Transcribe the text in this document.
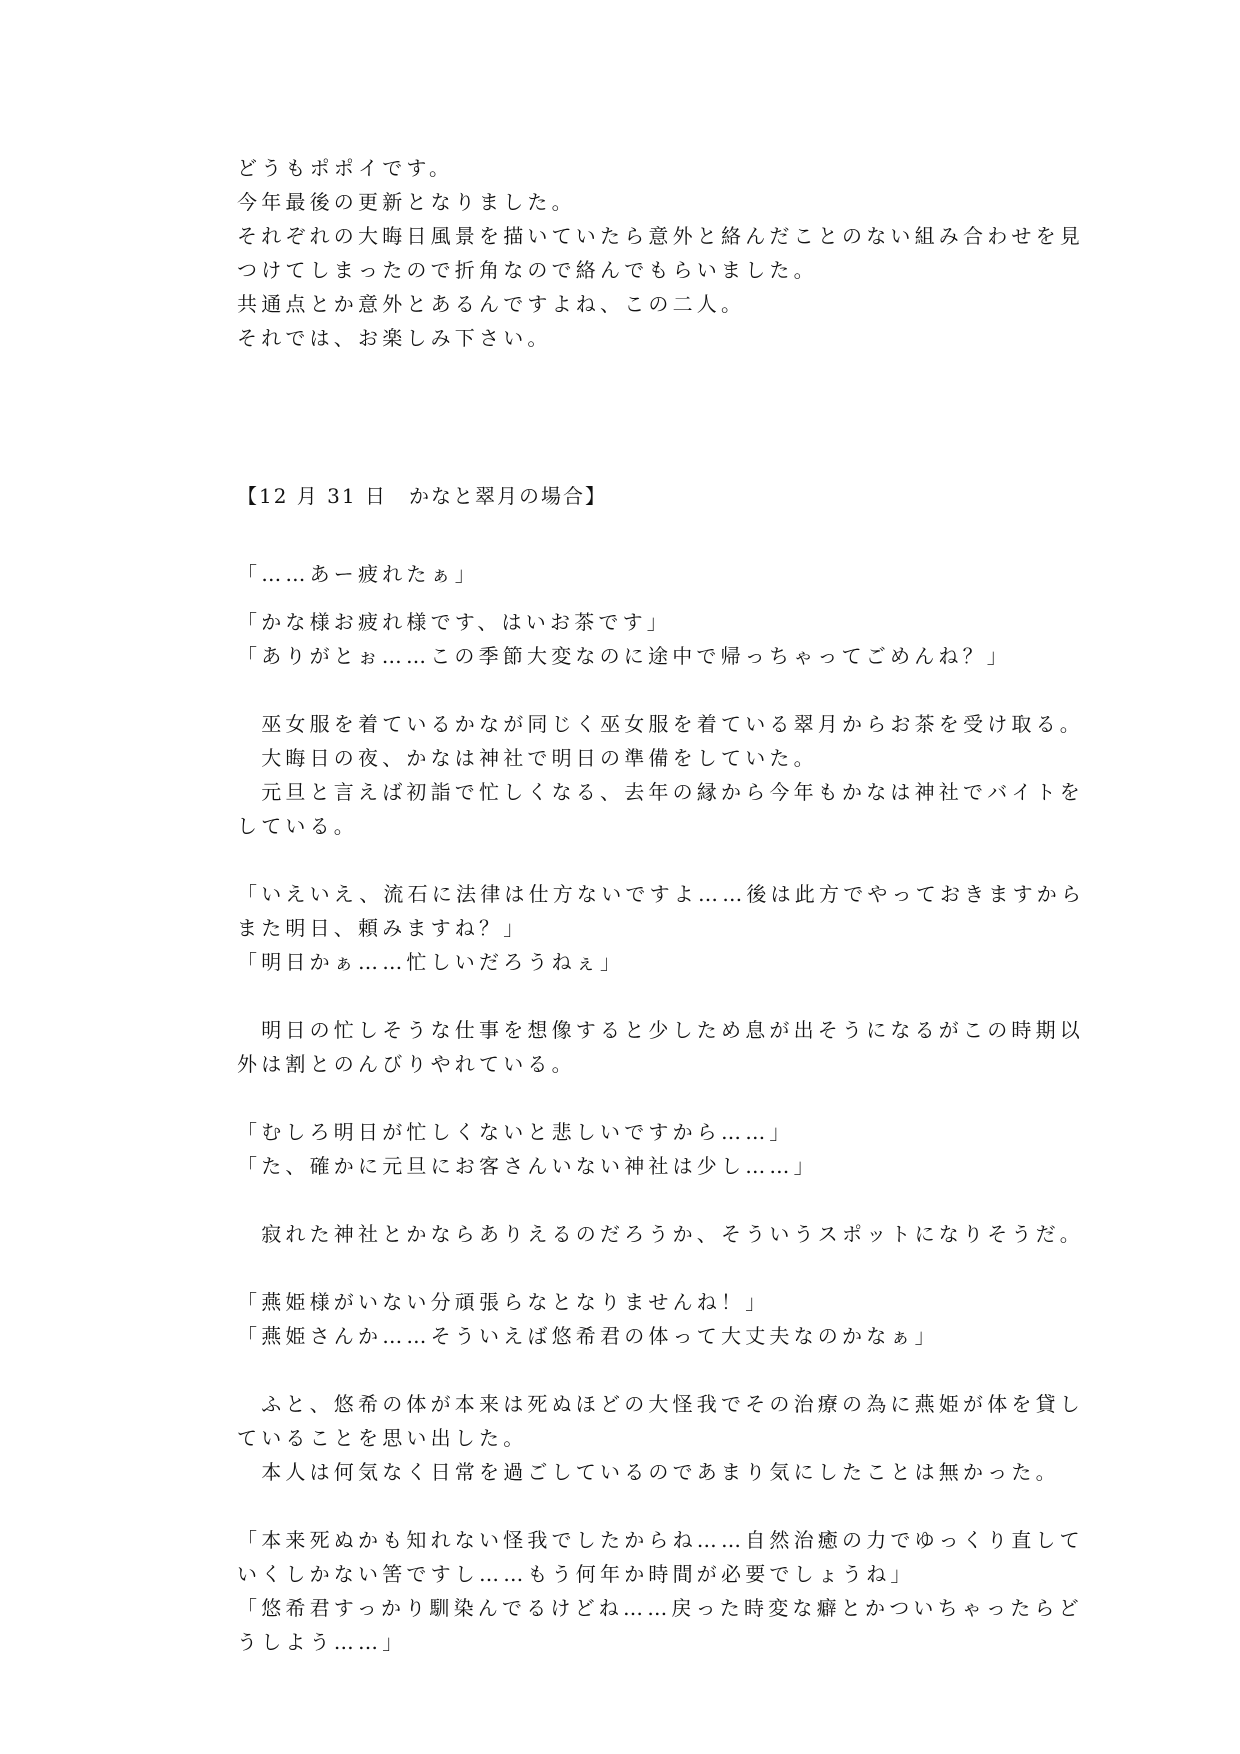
どうもポポイです。
今年最後の更新となりました。
それぞれの大晦日風景を描いていたら意外と絡んだことのない組み合わせを見
つけてしまったので折角なので絡んでもらいました。
共通点とか意外とあるんですよね、この二人。
それでは、お楽しみ下さい。
【12 月 31 日　かなと翠月の場合】
「……あー疲れたぁ」
「かな様お疲れ様です、はいお茶です」
「ありがとぉ……この季節大変なのに途中で帰っちゃってごめんね？」
　巫女服を着ているかなが同じく巫女服を着ている翠月からお茶を受け取る。
　大晦日の夜、かなは神社で明日の準備をしていた。
　元旦と言えば初詣で忙しくなる、去年の縁から今年もかなは神社でバイトを
している。
「いえいえ、流石に法律は仕方ないですよ……後は此方でやっておきますから
また明日、頼みますね？」
「明日かぁ……忙しいだろうねぇ」
　明日の忙しそうな仕事を想像すると少しため息が出そうになるがこの時期以
外は割とのんびりやれている。
「むしろ明日が忙しくないと悲しいですから……」
「た、確かに元旦にお客さんいない神社は少し……」
　寂れた神社とかならありえるのだろうか、そういうスポットになりそうだ。
「燕姫様がいない分頑張らなとなりませんね！」
「燕姫さんか……そういえば悠希君の体って大丈夫なのかなぁ」
　ふと、悠希の体が本来は死ぬほどの大怪我でその治療の為に燕姫が体を貸し
ていることを思い出した。
　本人は何気なく日常を過ごしているのであまり気にしたことは無かった。
「本来死ぬかも知れない怪我でしたからね……自然治癒の力でゆっくり直して
いくしかない筈ですし……もう何年か時間が必要でしょうね」
「悠希君すっかり馴染んでるけどね……戻った時変な癖とかついちゃったらど
うしよう……」
